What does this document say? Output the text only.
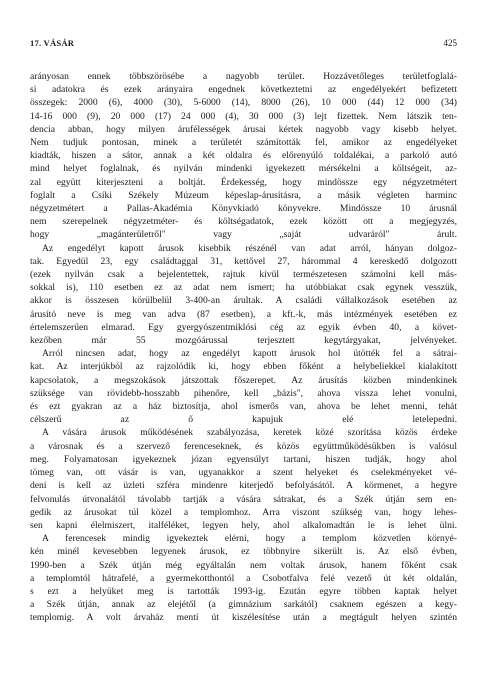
17. VÁSÁR	425

arányosan ennek többszörösébe a nagyobb terület. Hozzávetőleges területfoglalá-
si adatokra és ezek arányaira engednek következtetni az engedélyekért befizetett
összegek: 2000 (6), 4000 (30), 5-6000 (14), 8000 (26), 10 000 (44) 12 000 (34)
14-16 000 (9), 20 000 (17) 24 000 (4), 30 000 (3) lejt fizettek. Nem látszik ten-
dencia abban, hogy milyen árufélességek árusai kértek nagyobb vagy kisebb helyet.
Nem tudjuk pontosan, minek a területét számították fel, amikor az engedélyeket
kiadták, hiszen a sátor, annak a két oldalra és előrenyúló toldalékai, a parkoló autó
mind helyet foglalnak, és nyilván mindenki igyekezett mérsékelni a költségeit, az-
zal együtt kiterjeszteni a boltját. Érdekesség, hogy mindössze egy négyzetmétert
foglalt a Csíki Székely Múzeum képeslap-árusításra, a másik végleten harminc
négyzetmétert a Pallas-Akadémia Könyvkiadó könyvekre. Mindössze 10 árusnál
nem szerepelnek négyzetméter- és költségadatok, ezek között ott a megjegyzés,
hogy „magánterületről" vagy „saját udvaráról" árult.

Az engedélyt kapott árusok kisebbik részénél van adat arról, hányan dolgoz-
tak. Egyedül 23, egy családtaggal 31, kettővel 27, hárommal 4 kereskedő dolgozott
(ezek nyilván csak a bejelentettek, rajtuk kívül természetesen számolni kell más-
sokkal is), 110 esetben ez az adat nem ismert; ha utóbbiakat csak egynek vesszük,
akkor is összesen körülbelül 3-400-an árultak. A családi vállalkozások esetében az
árusító neve is meg van adva (87 esetben), a kft.-k, más intézmények esetében ez
értelemszerűen elmarad. Egy gyergyószentmiklósi cég az egyik évben 40, a követ-
kezőben már 55 mozgóárussal terjesztett kegytárgyakat, jelvényeket.

Arról nincsen adat, hogy az engedélyt kapott árusok hol ütötték fel a sátrai-
kat. Az interjúkból az rajzolódik ki, hogy ebben főként a helybeliekkel kialakított
kapcsolatok, a megszokások játszottak főszerepet. Az árusítás közben mindenkinek
szüksége van rövidebb-hosszabb pihenőre, kell „bázis", ahova visszа lehet vonulni,
és ezt gyakran az a ház biztosítja, ahol ismerős van, ahova be lehet menni, tehát
célszerű az ő kapujuk elé letelepedni.

A vására árusok működésének szabályozása, keretek közé szorítása közös érdeke
a városnak és a szervező ferenceseknek, és közös együttműködésükben is valósul
meg. Folyamatosan igyekeznek józan egyensúlyt tartani, hiszen tudják, hogy ahol
tömeg van, ott vásár is van, ugyanakkor a szent helyeket és cselekményeket vé-
deni is kell az üzleti szféra mindenre kiterjedő befolyásától. A körmenet, a hegyre
felvonulás útvonalától távolabb tartják a vására sátrakat, és a Szék útján sem en-
gedik az árusokat túl közel a templomhoz. Arra viszont szükség van, hogy lehes-
sen kapni élelmiszert, italféléket, legyen hely, ahol alkalomadtán le is lehet ülni.

A ferencesek mindig igyekeztek elérni, hogy a templom közvetlen környé-
kén minél kevesebben legyenek árusok, ez többnyire sikerült is. Az első évben,
1990-ben a Szék útján még egyáltalán nem voltak árusok, hanem főként csak
a templomtól hátrafelé, a gyermekotthontól a Csobotfalva felé vezető út két oldalán,
s ezt a helyüket meg is tartották 1993-ig. Ezután egyre többen kaptak helyet
a Szék útján, annak az elejétől (a gimnázium sarkától) csaknem egészen a kegy-
templomig. A volt árvaház mentí út kiszélesítése után a megtágult helyen szintén
